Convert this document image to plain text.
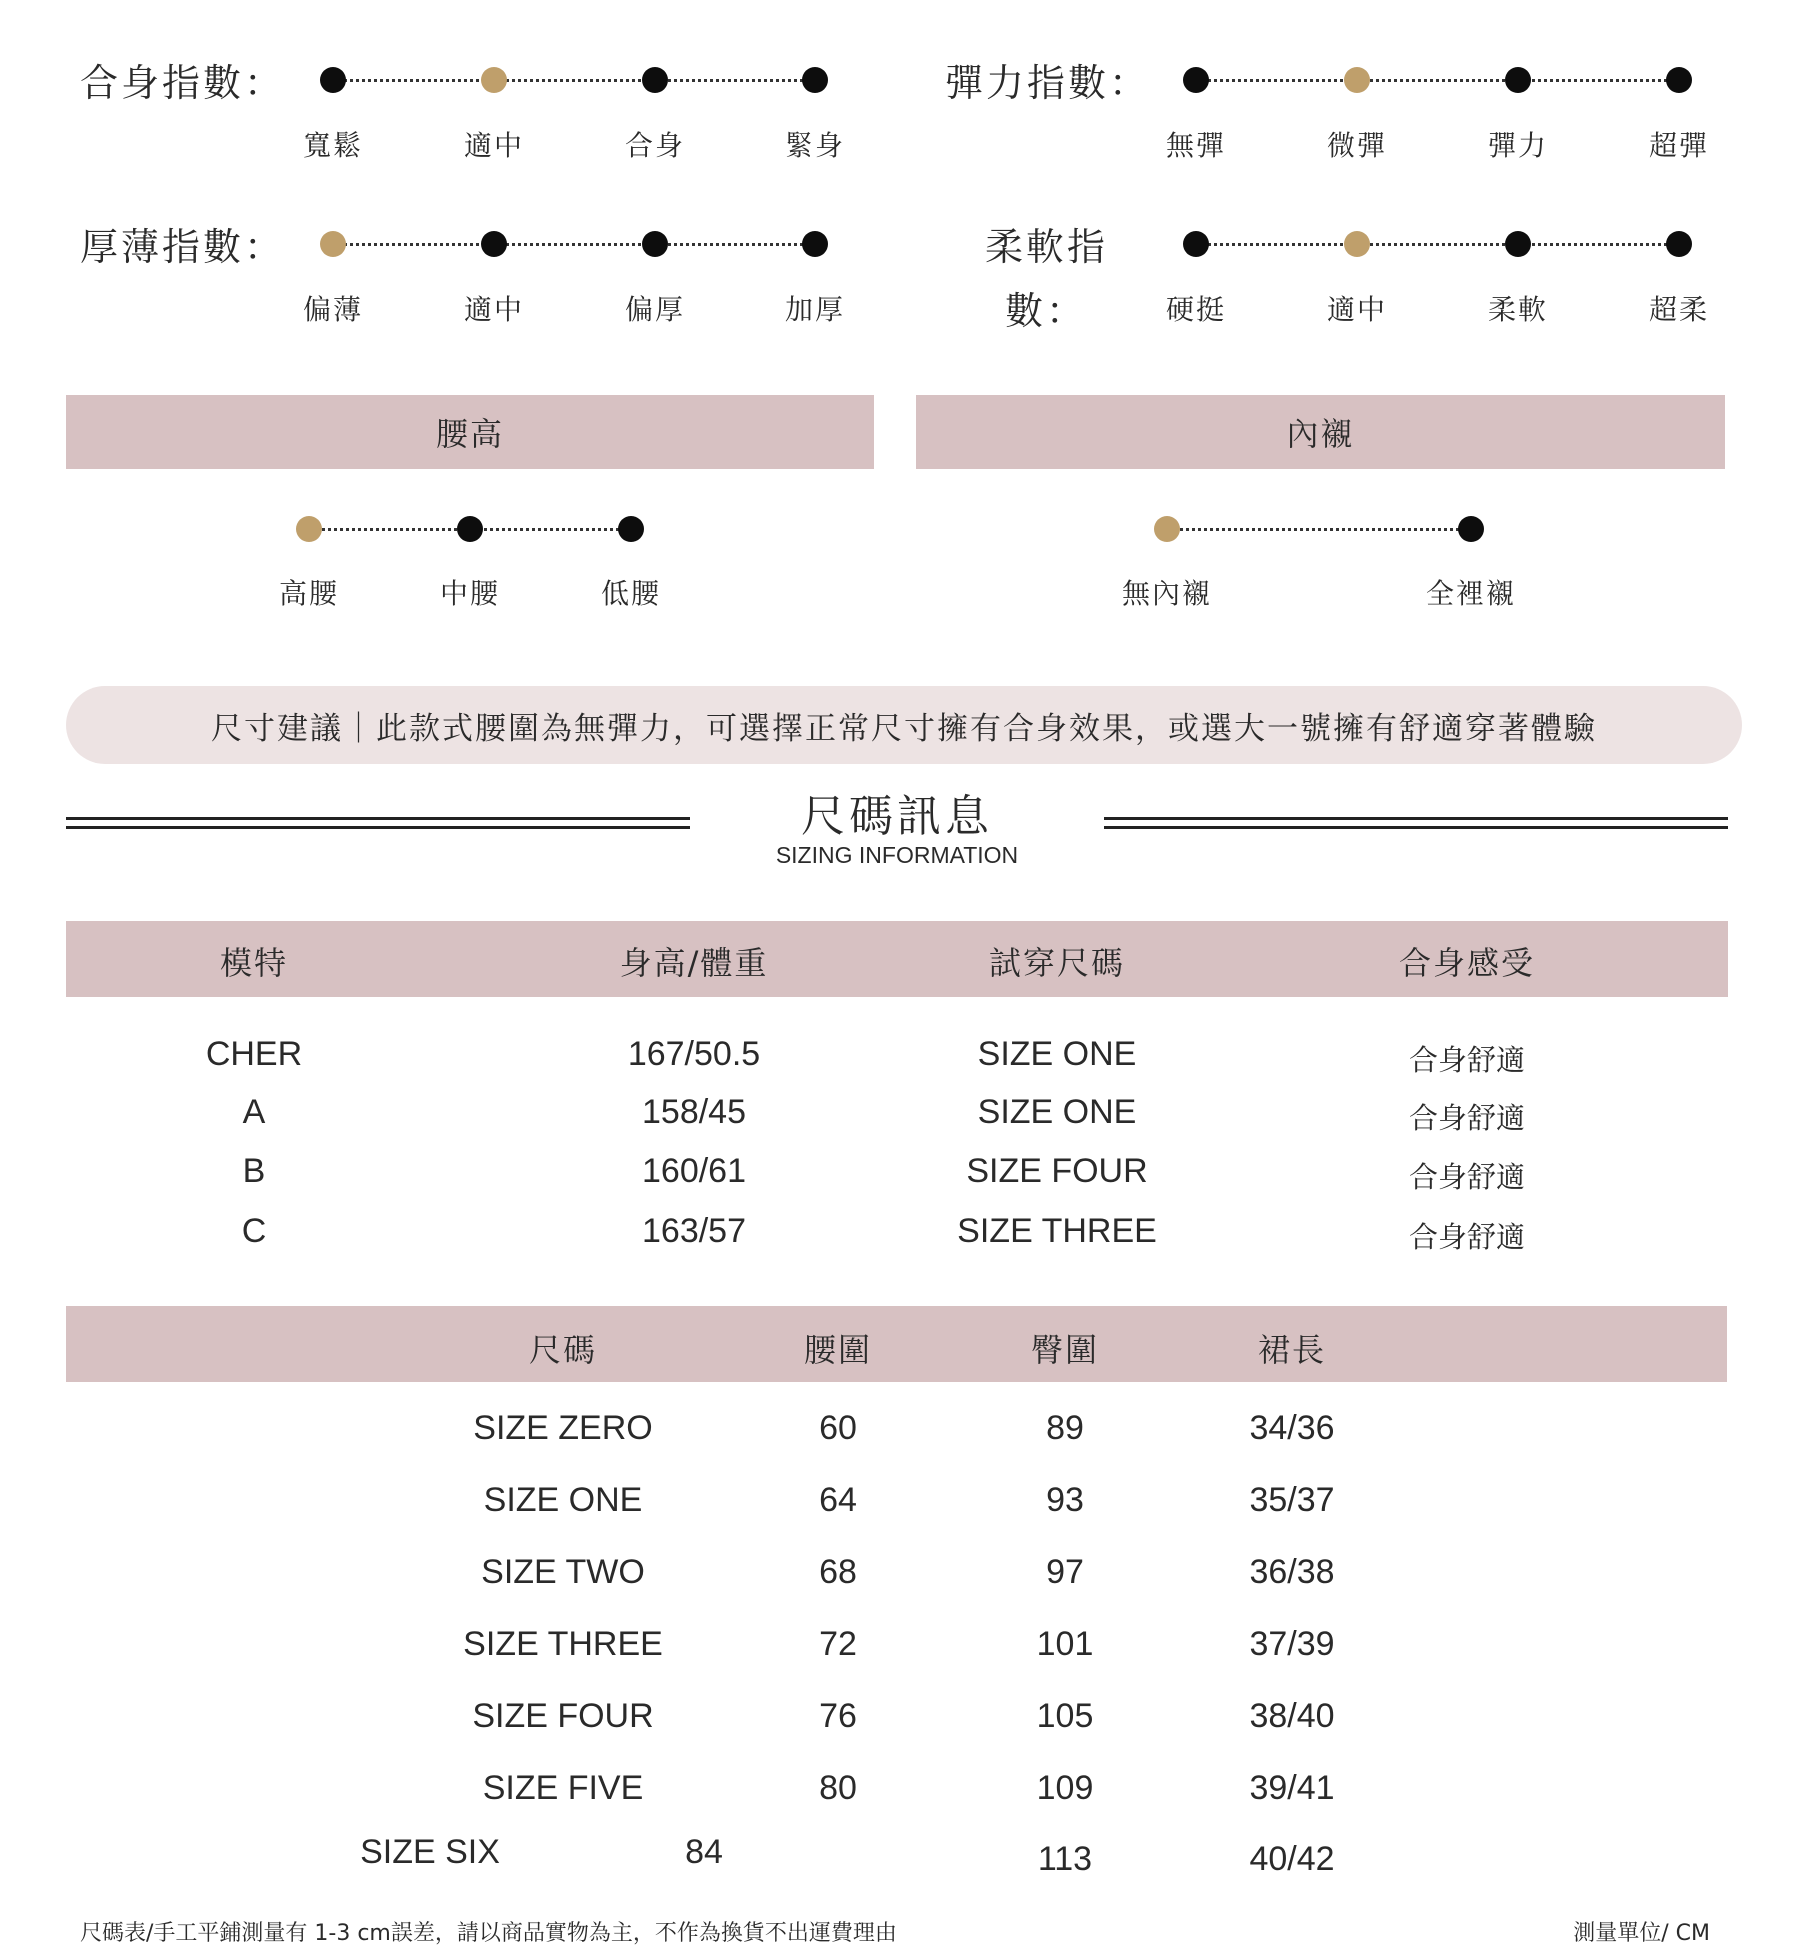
合身指數：	彈力指數：
厚薄指數：	柔軟指
數：
腰高	內襯
尺寸建議｜此款式腰圍為無彈力，可選擇正常尺寸擁有合身效果，或選大一號擁有舒適穿著體驗
尺碼訊息
SIZING INFORMATION
模特	身高/體重	試穿尺碼	合身感受
尺碼	腰圍	臀圍	裙長
尺碼表/手工平鋪測量有 1-3 cm誤差，請以商品實物為主，不作為換貨不出運費理由	測量單位/ CM
寬鬆	適中	合身	緊身	無彈	微彈	彈力	超彈
偏薄	適中	偏厚	加厚	硬挺	適中	柔軟	超柔
高腰	中腰	低腰	無內襯	全裡襯
CHER	167/50.5	SIZE ONE	合身舒適
A	158/45	SIZE ONE	合身舒適
B	160/61	SIZE FOUR	合身舒適
C	163/57	SIZE THREE	合身舒適
SIZE ZERO	60	89	34/36
SIZE ONE	64	93	35/37
SIZE TWO	68	97	36/38
SIZE THREE	72	101	37/39
SIZE FOUR	76	105	38/40
SIZE FIVE	80	109	39/41
SIZE SIX	84	113	40/42
